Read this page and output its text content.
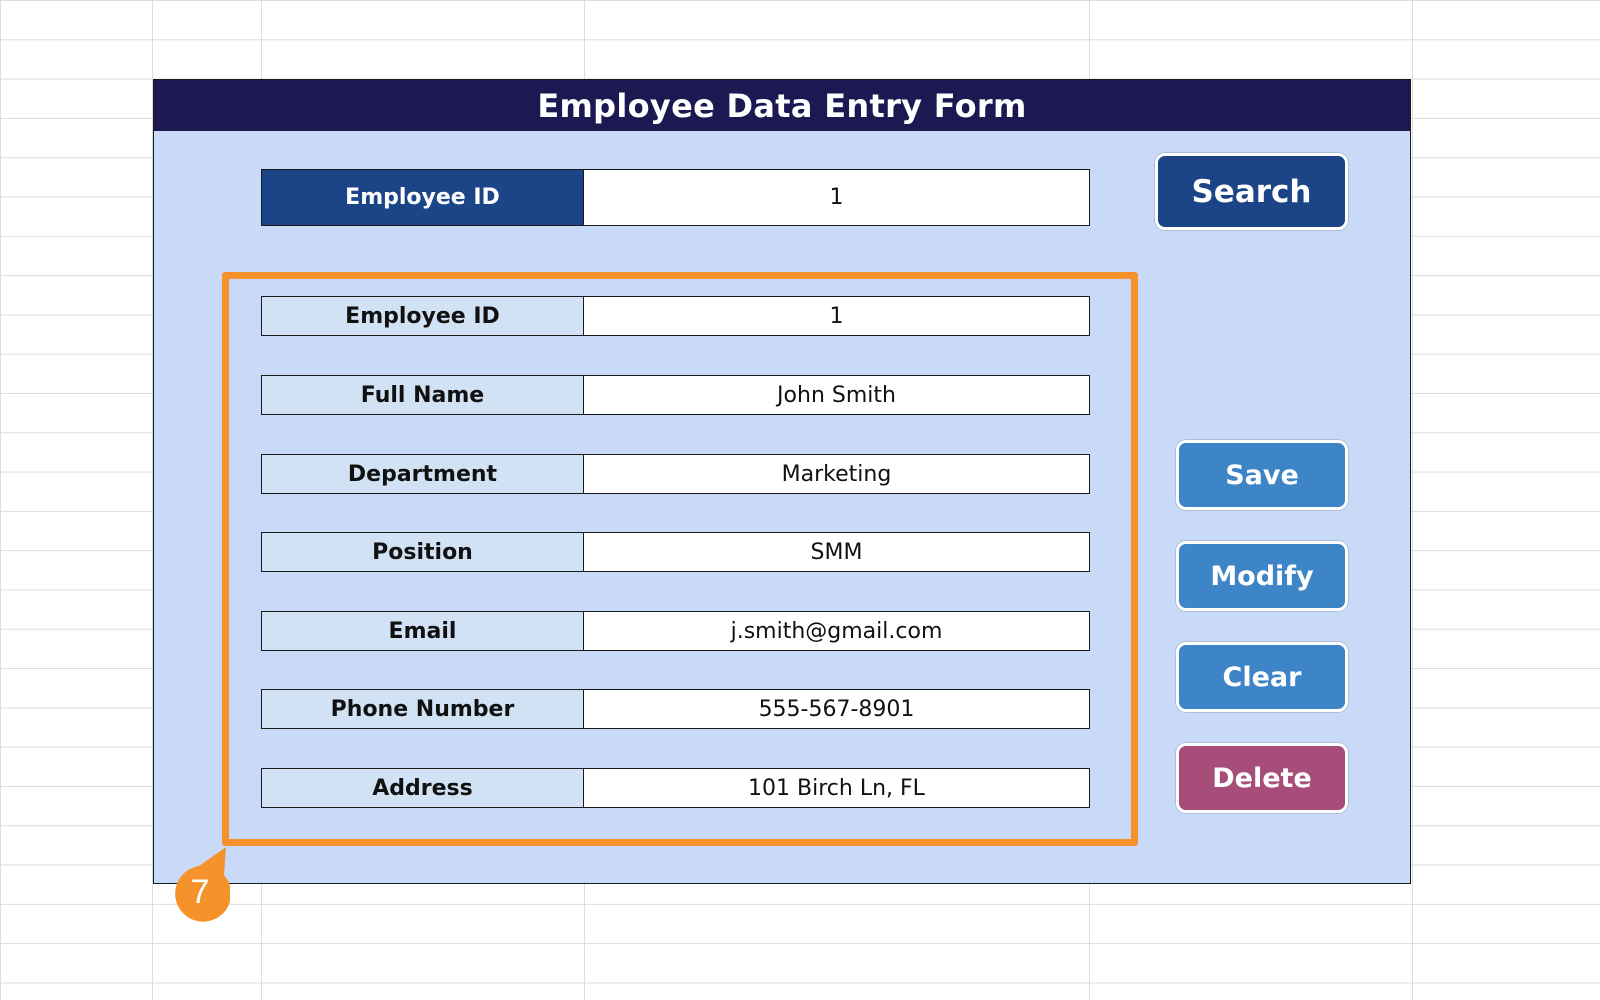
Employee Data Entry Form
Employee ID	1	Search
Employee ID	1
Full Name	John Smith
Department	Marketing
Position	SMM
Email	j.smith@gmail.com
Phone Number	555-567-8901
Address	101 Birch Ln, FL
Save
Modify
Clear
Delete
7
